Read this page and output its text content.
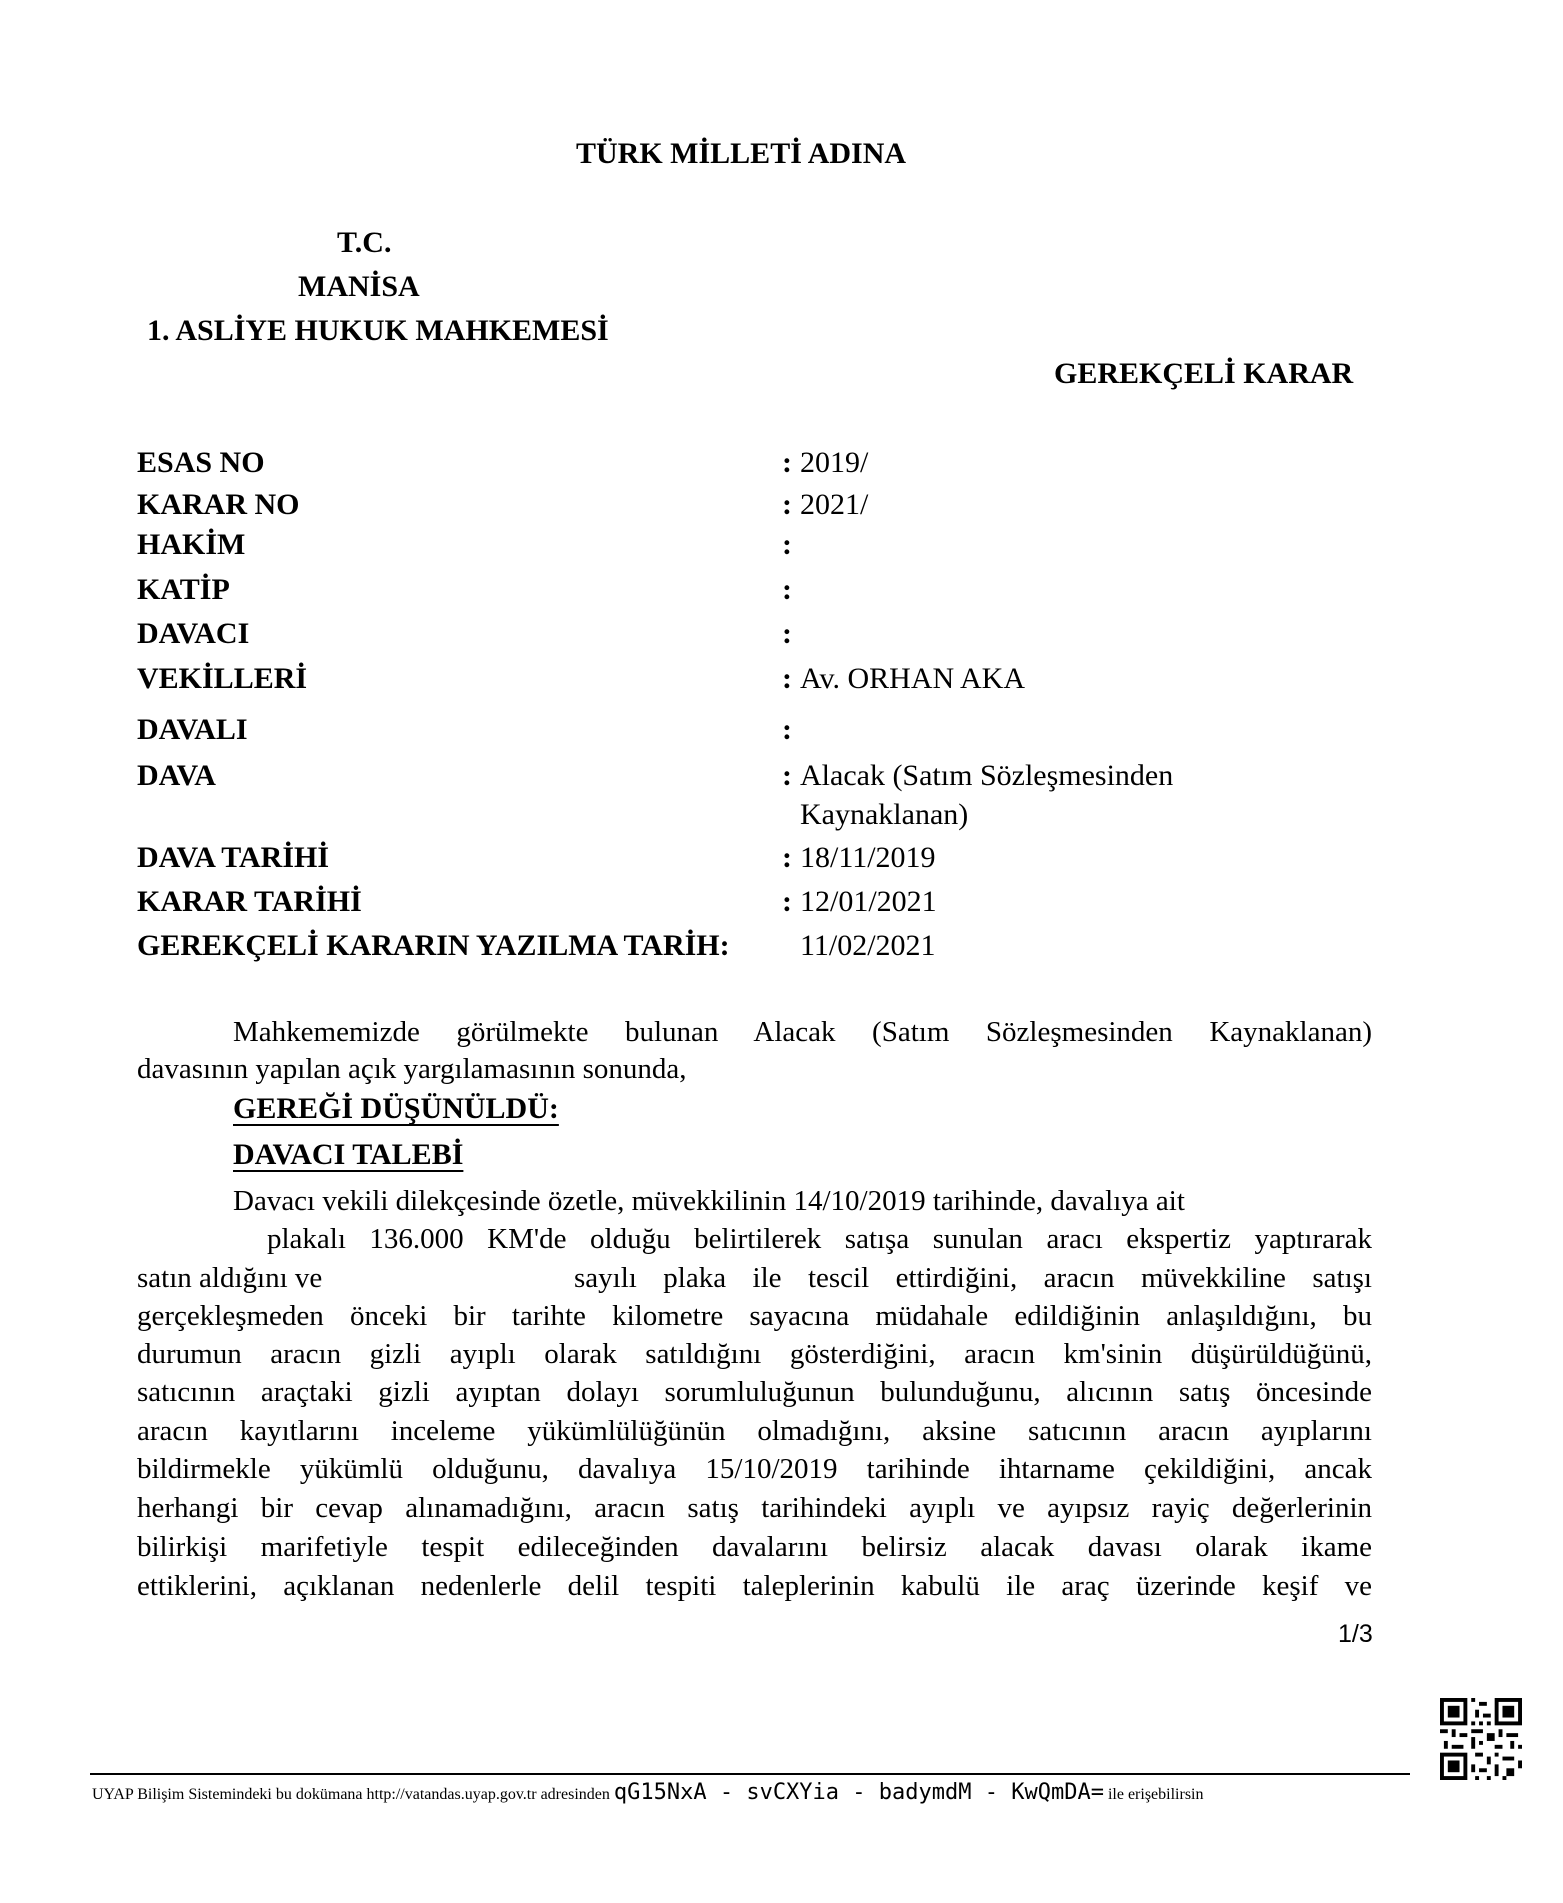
TÜRK MİLLETİ ADINA
T.C.
MANİSA
1. ASLİYE HUKUK MAHKEMESİ
GEREKÇELİ KARAR
ESAS NO	: 2019/
KARAR NO	: 2021/
HAKİM	:
KATİP	:
DAVACI	:
VEKİLLERİ	: Av. ORHAN AKA
DAVALI	:
DAVA	: Alacak (Satım Sözleşmesinden
Kaynaklanan)
DAVA TARİHİ	: 18/11/2019
KARAR TARİHİ	: 12/01/2021
GEREKÇELİ KARARIN YAZILMA TARİH: 11/02/2021
Mahkememizde görülmekte bulunan Alacak (Satım Sözleşmesinden Kaynaklanan)
davasının yapılan açık yargılamasının sonunda,
GEREĞİ DÜŞÜNÜLDÜ:
DAVACI TALEBİ
Davacı vekili dilekçesinde özetle, müvekkilinin 14/10/2019 tarihinde, davalıya ait
plakalı 136.000 KM'de olduğu belirtilerek satışa sunulan aracı ekspertiz yaptırarak
satın aldığını ve	sayılı plaka ile tescil ettirdiğini, aracın müvekkiline satışı
gerçekleşmeden önceki bir tarihte kilometre sayacına müdahale edildiğinin anlaşıldığını, bu
durumun aracın gizli ayıplı olarak satıldığını gösterdiğini, aracın km'sinin düşürüldüğünü,
satıcının araçtaki gizli ayıptan dolayı sorumluluğunun bulunduğunu, alıcının satış öncesinde
aracın kayıtlarını inceleme yükümlülüğünün olmadığını, aksine satıcının aracın ayıplarını
bildirmekle yükümlü olduğunu, davalıya 15/10/2019 tarihinde ihtarname çekildiğini, ancak
herhangi bir cevap alınamadığını, aracın satış tarihindeki ayıplı ve ayıpsız rayiç değerlerinin
bilirkişi marifetiyle tespit edileceğinden davalarını belirsiz alacak davası olarak ikame
ettiklerini, açıklanan nedenlerle delil tespiti taleplerinin kabulü ile araç üzerinde keşif ve
1/3
UYAP Bilişim Sistemindeki bu dokümana http://vatandas.uyap.gov.tr adresinden qG15NxA - svCXYia - badymdM - KwQmDA= ile erişebilirsin
